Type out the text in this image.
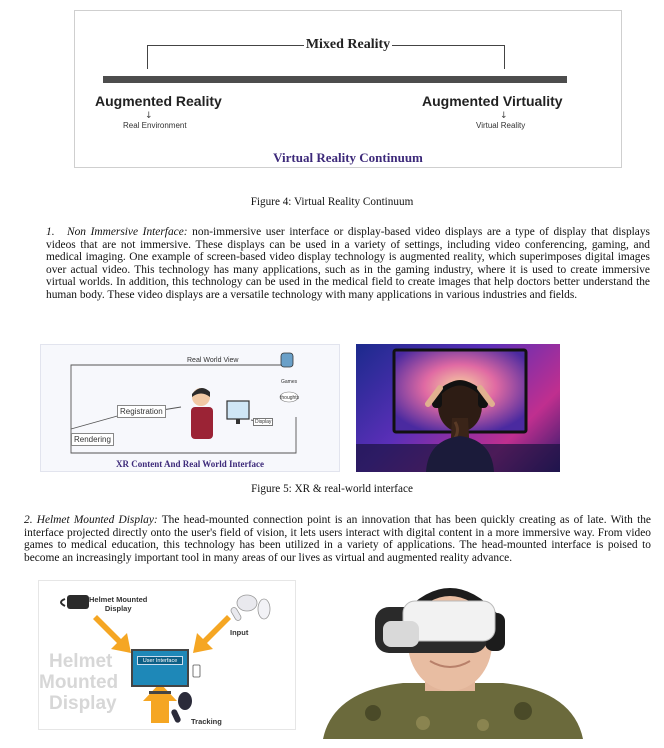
Mixed Reality
Augmented Reality	Augmented Virtuality
↓	↓
Real Environment	Virtual Reality
Virtual Reality Continuum
Figure 4: Virtual Reality Continuum
1. Non Immersive Interface: non-immersive user interface or display-based video displays are a type of display that displays videos that are not immersive. These displays can be used in a variety of settings, including video conferencing, gaming, and medical imaging. One example of screen-based video display technology is augmented reality, which superimposes digital images over actual video. This technology has many applications, such as in the gaming industry, where it is used to create immersive virtual worlds. In addition, this technology can be used in the medical field to create images that help doctors better understand the human body. These video displays are a versatile technology with many applications in various industries and fields.
Real World View
Registration
Rendering
Games
thoughts
Display
XR Content And Real World Interface
Figure 5: XR & real-world interface
2. Helmet Mounted Display: The head-mounted connection point is an innovation that has been quickly creating as of late. With the interface projected directly onto the user's field of vision, it lets users interact with digital content in a more immersive way. From video games to medical education, this technology has been utilized in a variety of applications. The head-mounted interface is poised to become an increasingly important tool in many areas of our lives as virtual and augmented reality advance.
Helmet Mounted
Display
Helmet
Mounted
Display
User Interface
Input
Tracking
